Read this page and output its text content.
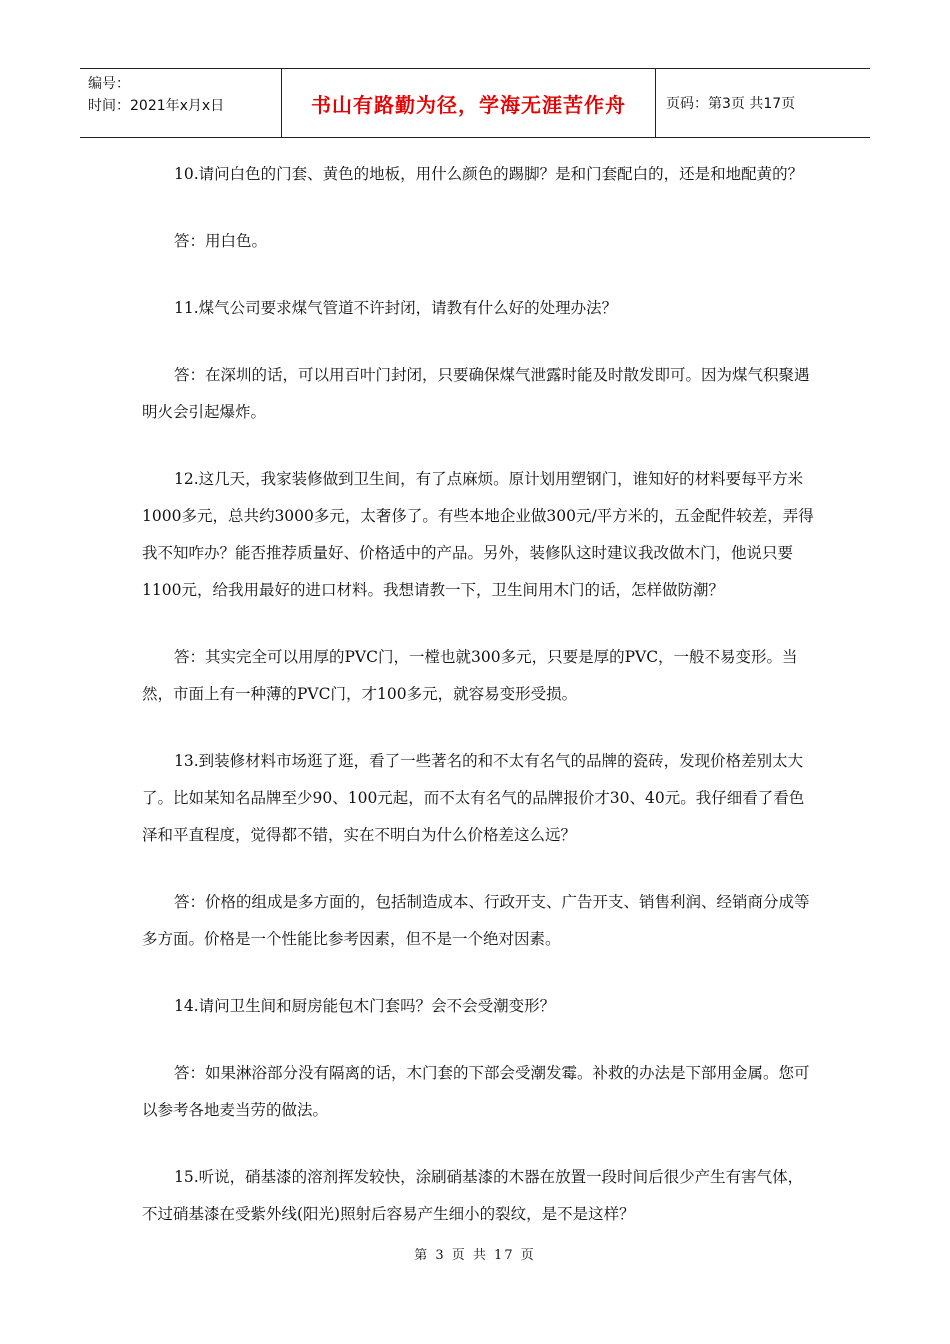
编号：
时间：2021年x月x日	书山有路勤为径，学海无涯苦作舟	页码：第3页 共17页

10.请问白色的门套、黄色的地板，用什么颜色的踢脚？是和门套配白的，还是和地配黄的？

答：用白色。

11.煤气公司要求煤气管道不许封闭，请教有什么好的处理办法？

答：在深圳的话，可以用百叶门封闭，只要确保煤气泄露时能及时散发即可。因为煤气积聚遇明火会引起爆炸。

12.这几天，我家装修做到卫生间，有了点麻烦。原计划用塑钢门，谁知好的材料要每平方米1000多元，总共约3000多元，太奢侈了。有些本地企业做300元/平方米的，五金配件较差，弄得我不知咋办？能否推荐质量好、价格适中的产品。另外，装修队这时建议我改做木门，他说只要1100元，给我用最好的进口材料。我想请教一下，卫生间用木门的话，怎样做防潮？

答：其实完全可以用厚的PVC门，一樘也就300多元，只要是厚的PVC，一般不易变形。当然，市面上有一种薄的PVC门，才100多元，就容易变形受损。

13.到装修材料市场逛了逛，看了一些著名的和不太有名气的品牌的瓷砖，发现价格差别太大了。比如某知名品牌至少90、100元起，而不太有名气的品牌报价才30、40元。我仔细看了看色泽和平直程度，觉得都不错，实在不明白为什么价格差这么远？

答：价格的组成是多方面的，包括制造成本、行政开支、广告开支、销售利润、经销商分成等多方面。价格是一个性能比参考因素，但不是一个绝对因素。

14.请问卫生间和厨房能包木门套吗？会不会受潮变形？

答：如果淋浴部分没有隔离的话，木门套的下部会受潮发霉。补救的办法是下部用金属。您可以参考各地麦当劳的做法。

15.听说，硝基漆的溶剂挥发较快，涂刷硝基漆的木器在放置一段时间后很少产生有害气体，不过硝基漆在受紫外线(阳光)照射后容易产生细小的裂纹，是不是这样？

第 3 页 共 17 页
